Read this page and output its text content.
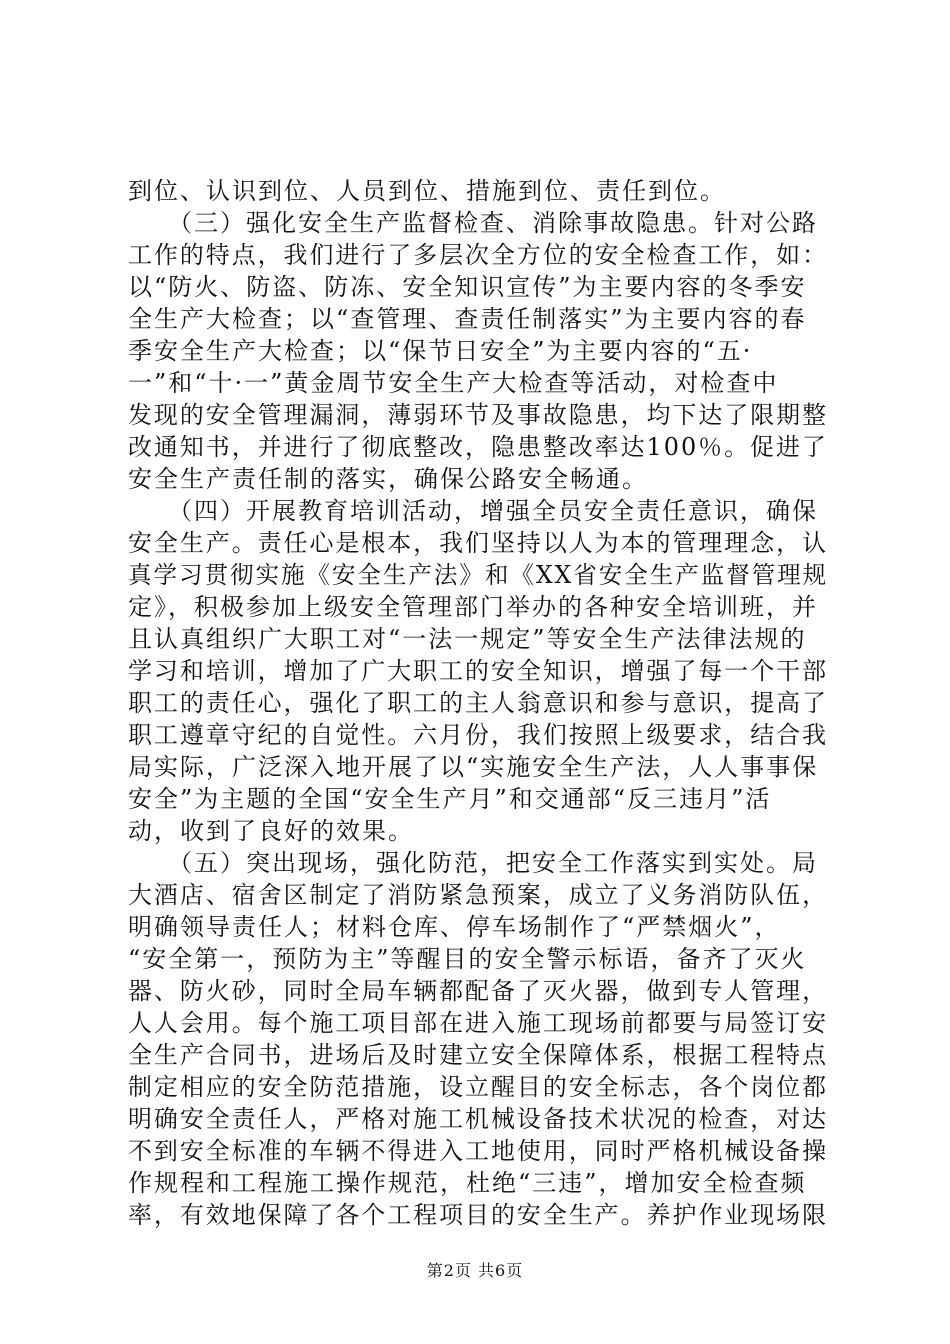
到位、认识到位、人员到位、措施到位、责任到位。
　　（三）强化安全生产监督检查、消除事故隐患。针对公路
工作的特点，我们进行了多层次全方位的安全检查工作，如：
以“防火、防盗、防冻、安全知识宣传”为主要内容的冬季安
全生产大检查；以“查管理、查责任制落实”为主要内容的春
季安全生产大检查；以“保节日安全”为主要内容的“五·
一”和“十·一”黄金周节安全生产大检查等活动，对检查中
发现的安全管理漏洞，薄弱环节及事故隐患，均下达了限期整
改通知书，并进行了彻底整改，隐患整改率达100％。促进了
安全生产责任制的落实，确保公路安全畅通。
　　（四）开展教育培训活动，增强全员安全责任意识，确保
安全生产。责任心是根本，我们坚持以人为本的管理理念，认
真学习贯彻实施《安全生产法》和《XX省安全生产监督管理规
定》，积极参加上级安全管理部门举办的各种安全培训班，并
且认真组织广大职工对“一法一规定”等安全生产法律法规的
学习和培训，增加了广大职工的安全知识，增强了每一个干部
职工的责任心，强化了职工的主人翁意识和参与意识，提高了
职工遵章守纪的自觉性。六月份，我们按照上级要求，结合我
局实际，广泛深入地开展了以“实施安全生产法，人人事事保
安全”为主题的全国“安全生产月”和交通部“反三违月”活
动，收到了良好的效果。
　　（五）突出现场，强化防范，把安全工作落实到实处。局
大酒店、宿舍区制定了消防紧急预案，成立了义务消防队伍，
明确领导责任人；材料仓库、停车场制作了“严禁烟火”，
“安全第一，预防为主”等醒目的安全警示标语，备齐了灭火
器、防火砂，同时全局车辆都配备了灭火器，做到专人管理，
人人会用。每个施工项目部在进入施工现场前都要与局签订安
全生产合同书，进场后及时建立安全保障体系，根据工程特点
制定相应的安全防范措施，设立醒目的安全标志，各个岗位都
明确安全责任人，严格对施工机械设备技术状况的检查，对达
不到安全标准的车辆不得进入工地使用，同时严格机械设备操
作规程和工程施工操作规范，杜绝“三违”，增加安全检查频
率，有效地保障了各个工程项目的安全生产。养护作业现场限
第2页 共6页
